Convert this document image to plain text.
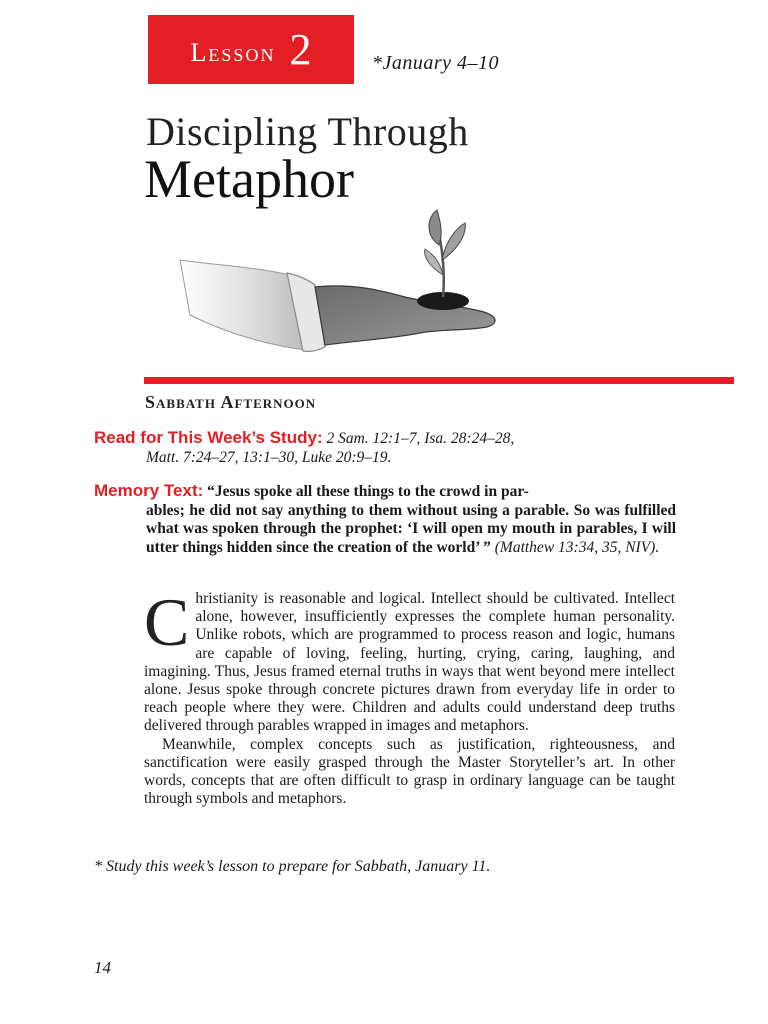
Lesson 2	*January 4–10
Discipling Through
Metaphor
Sabbath Afternoon
Read for This Week’s Study: 2 Sam. 12:1–7, Isa. 28:24–28,
Matt. 7:24–27, 13:1–30, Luke 20:9–19.
Memory Text: “Jesus spoke all these things to the crowd in par-
ables; he did not say anything to them without using a parable. So was fulfilled what was spoken through the prophet: ‘I will open my mouth in parables, I will utter things hidden since the creation of the world’ ” (Matthew 13:34, 35, NIV).

C hristianity is reasonable and logical. Intellect should be cultivated. Intellect alone, however, insufficiently expresses the complete human personality. Unlike robots, which are programmed to process reason and logic, humans are capable of loving, feeling, hurting, crying, caring, laughing, and imagining. Thus, Jesus framed eternal truths in ways that went beyond mere intellect alone. Jesus spoke through concrete pictures drawn from everyday life in order to reach people where they were. Children and adults could understand deep truths delivered through parables wrapped in images and metaphors.

Meanwhile, complex concepts such as justification, righteousness, and sanctification were easily grasped through the Master Storyteller’s art. In other words, concepts that are often difficult to grasp in ordinary language can be taught through symbols and metaphors.

* Study this week’s lesson to prepare for Sabbath, January 11.
14
